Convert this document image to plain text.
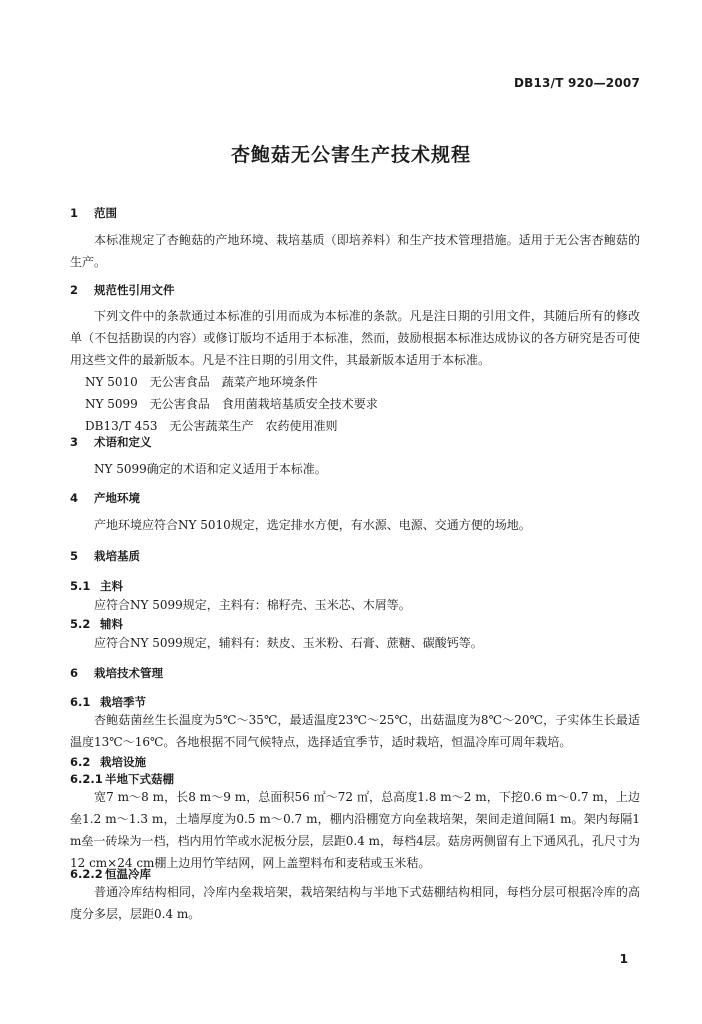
DB13/T 920—2007
杏鲍菇无公害生产技术规程
1 范围

本标准规定了杏鲍菇的产地环境、栽培基质（即培养料）和生产技术管理措施。适用于无公害杏鲍菇的生产。

2 规范性引用文件

下列文件中的条款通过本标准的引用而成为本标准的条款。凡是注日期的引用文件，其随后所有的修改单（不包括勘误的内容）或修订版均不适用于本标准，然而，鼓励根据本标准达成协议的各方研究是否可使用这些文件的最新版本。凡是不注日期的引用文件，其最新版本适用于本标准。

NY 5010　无公害食品　蔬菜产地环境条件
NY 5099　无公害食品　食用菌栽培基质安全技术要求
DB13/T 453　无公害蔬菜生产　农药使用准则
3 术语和定义

NY 5099确定的术语和定义适用于本标准。

4 产地环境

产地环境应符合NY 5010规定，选定排水方便，有水源、电源、交通方便的场地。

5 栽培基质
5.1 主料
应符合NY 5099规定，主料有：棉籽壳、玉米芯、木屑等。
5.2 辅料
应符合NY 5099规定，辅料有：麸皮、玉米粉、石膏、蔗糖、碳酸钙等。
6 栽培技术管理
6.1 栽培季节

杏鲍菇菌丝生长温度为5℃～35℃，最适温度23℃～25℃，出菇温度为8℃～20℃，子实体生长最适温度13℃～16℃。各地根据不同气候特点，选择适宜季节，适时栽培，恒温冷库可周年栽培。

6.2 栽培设施
6.2.1 半地下式菇棚

宽7 m～8 m，长8 m～9 m，总面积56 ㎡～72 ㎡，总高度1.8 m～2 m，下挖0.6 m～0.7 m，上边垒1.2 m～1.3 m，土墙厚度为0.5 m～0.7 m，棚内沿棚宽方向垒栽培架，架间走道间隔1 m。架内每隔1 m垒一砖垛为一档，档内用竹竿或水泥板分层，层距0.4 m，每档4层。菇房两侧留有上下通风孔，孔尺寸为12 cm×24 cm棚上边用竹竿结网，网上盖塑料布和麦秸或玉米秸。

6.2.2 恒温冷库

普通冷库结构相同，冷库内垒栽培架，栽培架结构与半地下式菇棚结构相同，每档分层可根据冷库的高度分多层，层距0.4 m。

1
